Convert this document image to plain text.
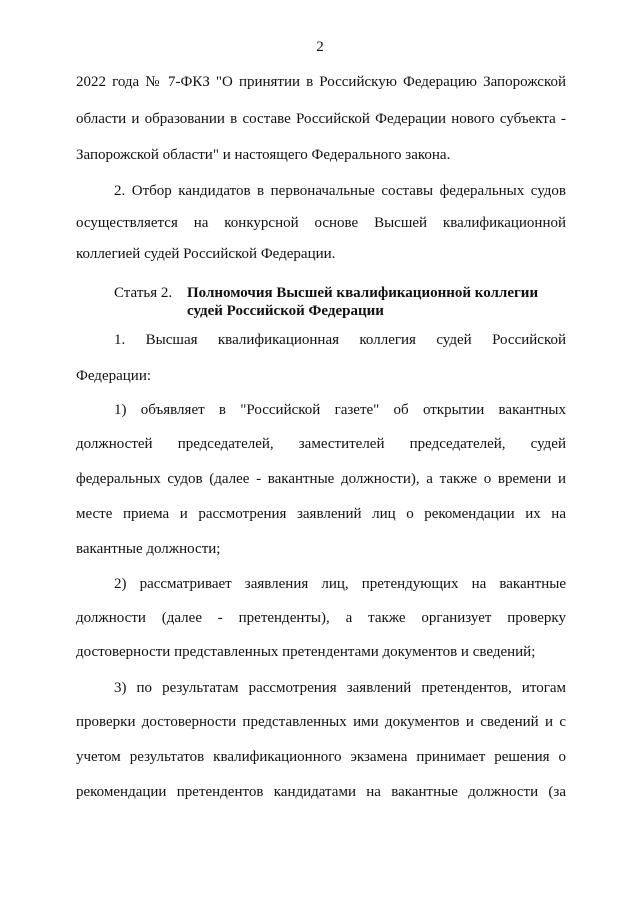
2
2022 года № 7-ФКЗ "О принятии в Российскую Федерацию Запорожской
области и образовании в составе Российской Федерации нового субъекта -
Запорожской области" и настоящего Федерального закона.
2. Отбор кандидатов в первоначальные составы федеральных судов
осуществляется на конкурсной основе Высшей квалификационной
коллегией судей Российской Федерации.
Статья 2. Полномочия Высшей квалификационной коллегии
судей Российской Федерации
1. Высшая квалификационная коллегия судей Российской
Федерации:
1) объявляет в "Российской газете" об открытии вакантных
должностей председателей, заместителей председателей, судей
федеральных судов (далее - вакантные должности), а также о времени и
месте приема и рассмотрения заявлений лиц о рекомендации их на
вакантные должности;
2) рассматривает заявления лиц, претендующих на вакантные
должности (далее - претенденты), а также организует проверку
достоверности представленных претендентами документов и сведений;
3) по результатам рассмотрения заявлений претендентов, итогам
проверки достоверности представленных ими документов и сведений и с
учетом результатов квалификационного экзамена принимает решения о
рекомендации претендентов кандидатами на вакантные должности (за
